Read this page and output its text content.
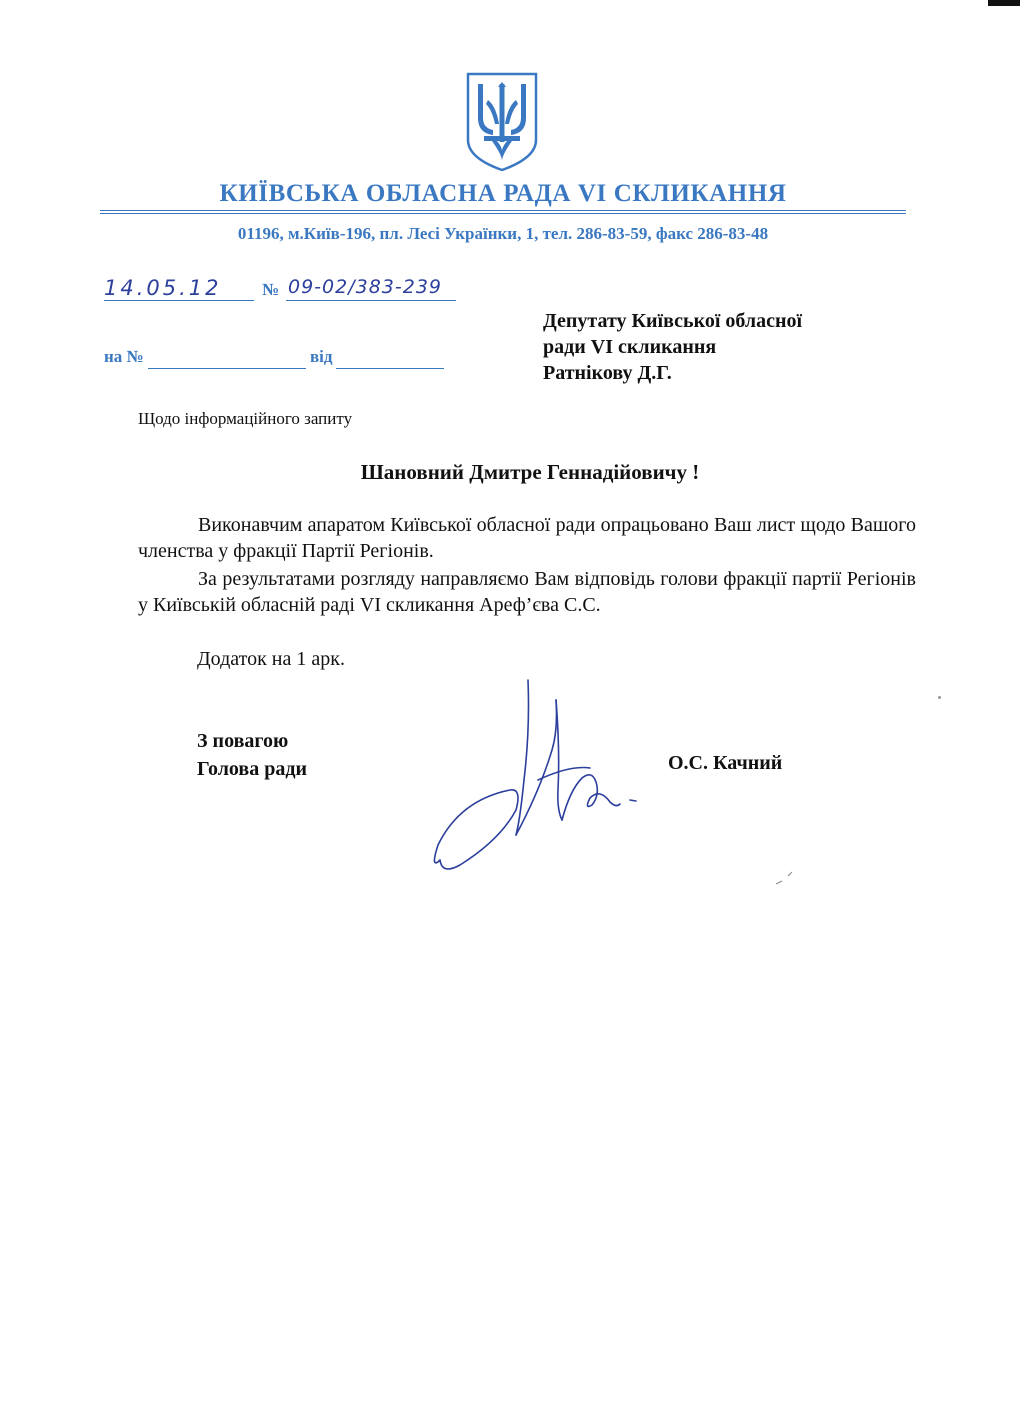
КИЇВСЬКА ОБЛАСНА РАДА VI СКЛИКАННЯ
01196, м.Київ-196, пл. Лесі Українки, 1, тел. 286-83-59, факс 286-83-48
14.05.12 № 09-02/383-239
на №	від
Депутату Київської обласної
ради VI скликання
Ратнікову Д.Г.
Щодо інформаційного запиту
Шановний Дмитре Геннадійовичу !
Виконавчим апаратом Київської обласної ради опрацьовано Ваш лист щодо Вашого членства у фракції Партії Регіонів.
За результатами розгляду направляємо Вам відповідь голови фракції партії Регіонів у Київській обласній раді VI скликання Ареф’єва С.С.
Додаток на 1 арк.
З повагою
Голова ради	О.С. Качний
